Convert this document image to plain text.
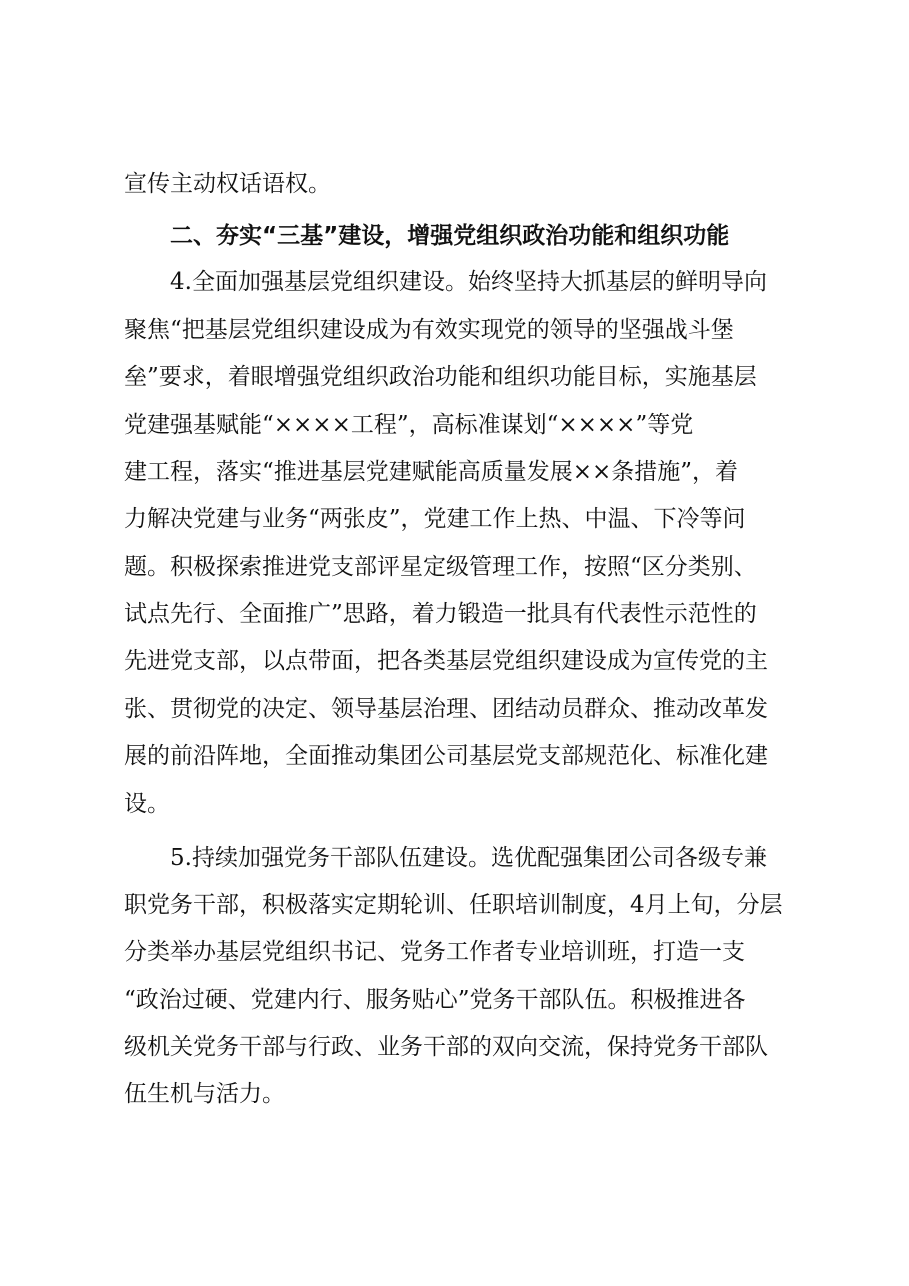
宣传主动权话语权。
二、夯实“三基”建设，增强党组织政治功能和组织功能
4.全面加强基层党组织建设。始终坚持大抓基层的鲜明导向
聚焦“把基层党组织建设成为有效实现党的领导的坚强战斗堡
垒”要求，着眼增强党组织政治功能和组织功能目标，实施基层
党建强基赋能“××××工程”，高标准谋划“××××”等党
建工程，落实“推进基层党建赋能高质量发展××条措施”，着
力解决党建与业务“两张皮”，党建工作上热、中温、下冷等问
题。积极探索推进党支部评星定级管理工作，按照“区分类别、
试点先行、全面推广”思路，着力锻造一批具有代表性示范性的
先进党支部，以点带面，把各类基层党组织建设成为宣传党的主
张、贯彻党的决定、领导基层治理、团结动员群众、推动改革发
展的前沿阵地，全面推动集团公司基层党支部规范化、标准化建
设。
5.持续加强党务干部队伍建设。选优配强集团公司各级专兼
职党务干部，积极落实定期轮训、任职培训制度，4月上旬，分层
分类举办基层党组织书记、党务工作者专业培训班，打造一支
“政治过硬、党建内行、服务贴心”党务干部队伍。积极推进各
级机关党务干部与行政、业务干部的双向交流，保持党务干部队
伍生机与活力。
